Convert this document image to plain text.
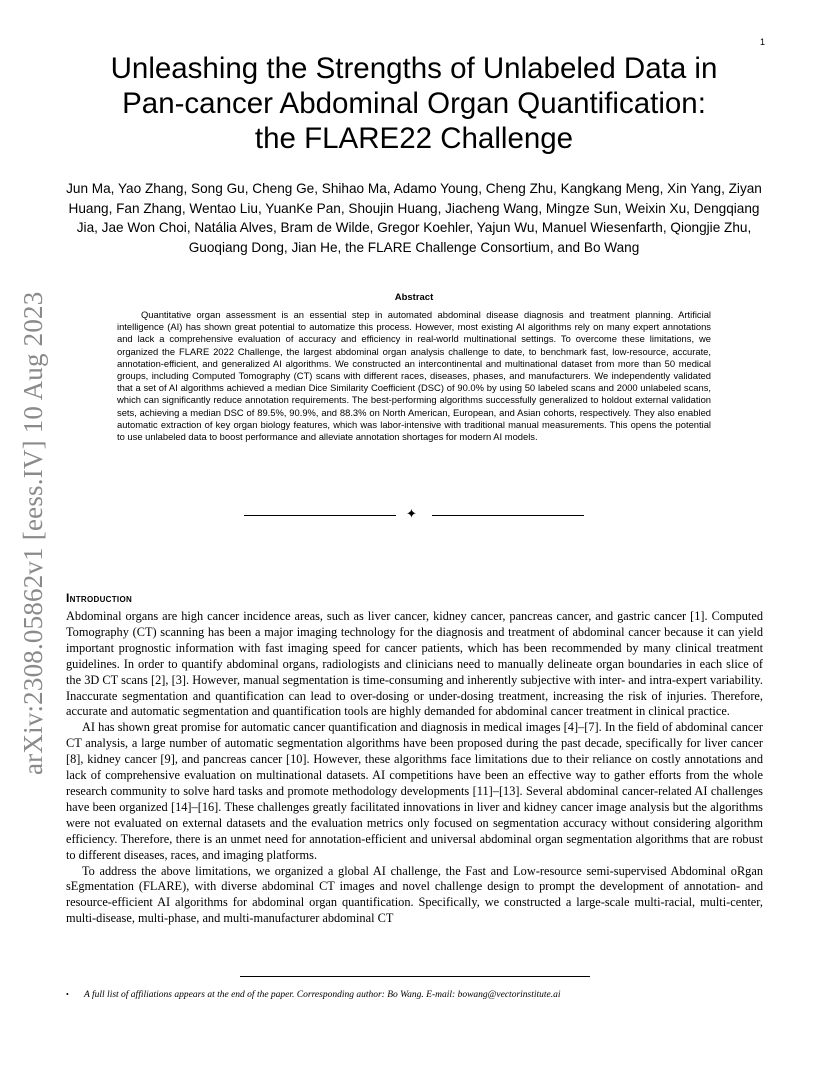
1
arXiv:2308.05862v1 [eess.IV] 10 Aug 2023
Unleashing the Strengths of Unlabeled Data in
Pan-cancer Abdominal Organ Quantification:
the FLARE22 Challenge
Jun Ma, Yao Zhang, Song Gu, Cheng Ge, Shihao Ma, Adamo Young, Cheng Zhu, Kangkang Meng, Xin Yang, Ziyan Huang, Fan Zhang, Wentao Liu, YuanKe Pan, Shoujin Huang, Jiacheng Wang, Mingze Sun, Weixin Xu, Dengqiang Jia, Jae Won Choi, Natália Alves, Bram de Wilde, Gregor Koehler, Yajun Wu, Manuel Wiesenfarth, Qiongjie Zhu, Guoqiang Dong, Jian He, the FLARE Challenge Consortium, and Bo Wang
Abstract
Quantitative organ assessment is an essential step in automated abdominal disease diagnosis and treatment planning. Artificial intelligence (AI) has shown great potential to automatize this process. However, most existing AI algorithms rely on many expert annotations and lack a comprehensive evaluation of accuracy and efficiency in real-world multinational settings. To overcome these limitations, we organized the FLARE 2022 Challenge, the largest abdominal organ analysis challenge to date, to benchmark fast, low-resource, accurate, annotation-efficient, and generalized AI algorithms. We constructed an intercontinental and multinational dataset from more than 50 medical groups, including Computed Tomography (CT) scans with different races, diseases, phases, and manufacturers. We independently validated that a set of AI algorithms achieved a median Dice Similarity Coefficient (DSC) of 90.0% by using 50 labeled scans and 2000 unlabeled scans, which can significantly reduce annotation requirements. The best-performing algorithms successfully generalized to holdout external validation sets, achieving a median DSC of 89.5%, 90.9%, and 88.3% on North American, European, and Asian cohorts, respectively. They also enabled automatic extraction of key organ biology features, which was labor-intensive with traditional manual measurements. This opens the potential to use unlabeled data to boost performance and alleviate annotation shortages for modern AI models.
✦
Introduction

Abdominal organs are high cancer incidence areas, such as liver cancer, kidney cancer, pancreas cancer, and gastric cancer [1]. Computed Tomography (CT) scanning has been a major imaging technology for the diagnosis and treatment of abdominal cancer because it can yield important prognostic information with fast imaging speed for cancer patients, which has been recommended by many clinical treatment guidelines. In order to quantify abdominal organs, radiologists and clinicians need to manually delineate organ boundaries in each slice of the 3D CT scans [2], [3]. However, manual segmentation is time-consuming and inherently subjective with inter- and intra-expert variability. Inaccurate segmentation and quantification can lead to over-dosing or under-dosing treatment, increasing the risk of injuries. Therefore, accurate and automatic segmentation and quantification tools are highly demanded for abdominal cancer treatment in clinical practice.

AI has shown great promise for automatic cancer quantification and diagnosis in medical images [4]–[7]. In the field of abdominal cancer CT analysis, a large number of automatic segmentation algorithms have been proposed during the past decade, specifically for liver cancer [8], kidney cancer [9], and pancreas cancer [10]. However, these algorithms face limitations due to their reliance on costly annotations and lack of comprehensive evaluation on multinational datasets. AI competitions have been an effective way to gather efforts from the whole research community to solve hard tasks and promote methodology developments [11]–[13]. Several abdominal cancer-related AI challenges have been organized [14]–[16]. These challenges greatly facilitated innovations in liver and kidney cancer image analysis but the algorithms were not evaluated on external datasets and the evaluation metrics only focused on segmentation accuracy without considering algorithm efficiency. Therefore, there is an unmet need for annotation-efficient and universal abdominal organ segmentation algorithms that are robust to different diseases, races, and imaging platforms.

To address the above limitations, we organized a global AI challenge, the Fast and Low-resource semi-supervised Abdominal oRgan sEgmentation (FLARE), with diverse abdominal CT images and novel challenge design to prompt the development of annotation- and resource-efficient AI algorithms for abdominal organ quantification. Specifically, we constructed a large-scale multi-racial, multi-center, multi-disease, multi-phase, and multi-manufacturer abdominal CT

• A full list of affiliations appears at the end of the paper. Corresponding author: Bo Wang. E-mail: bowang@vectorinstitute.ai
